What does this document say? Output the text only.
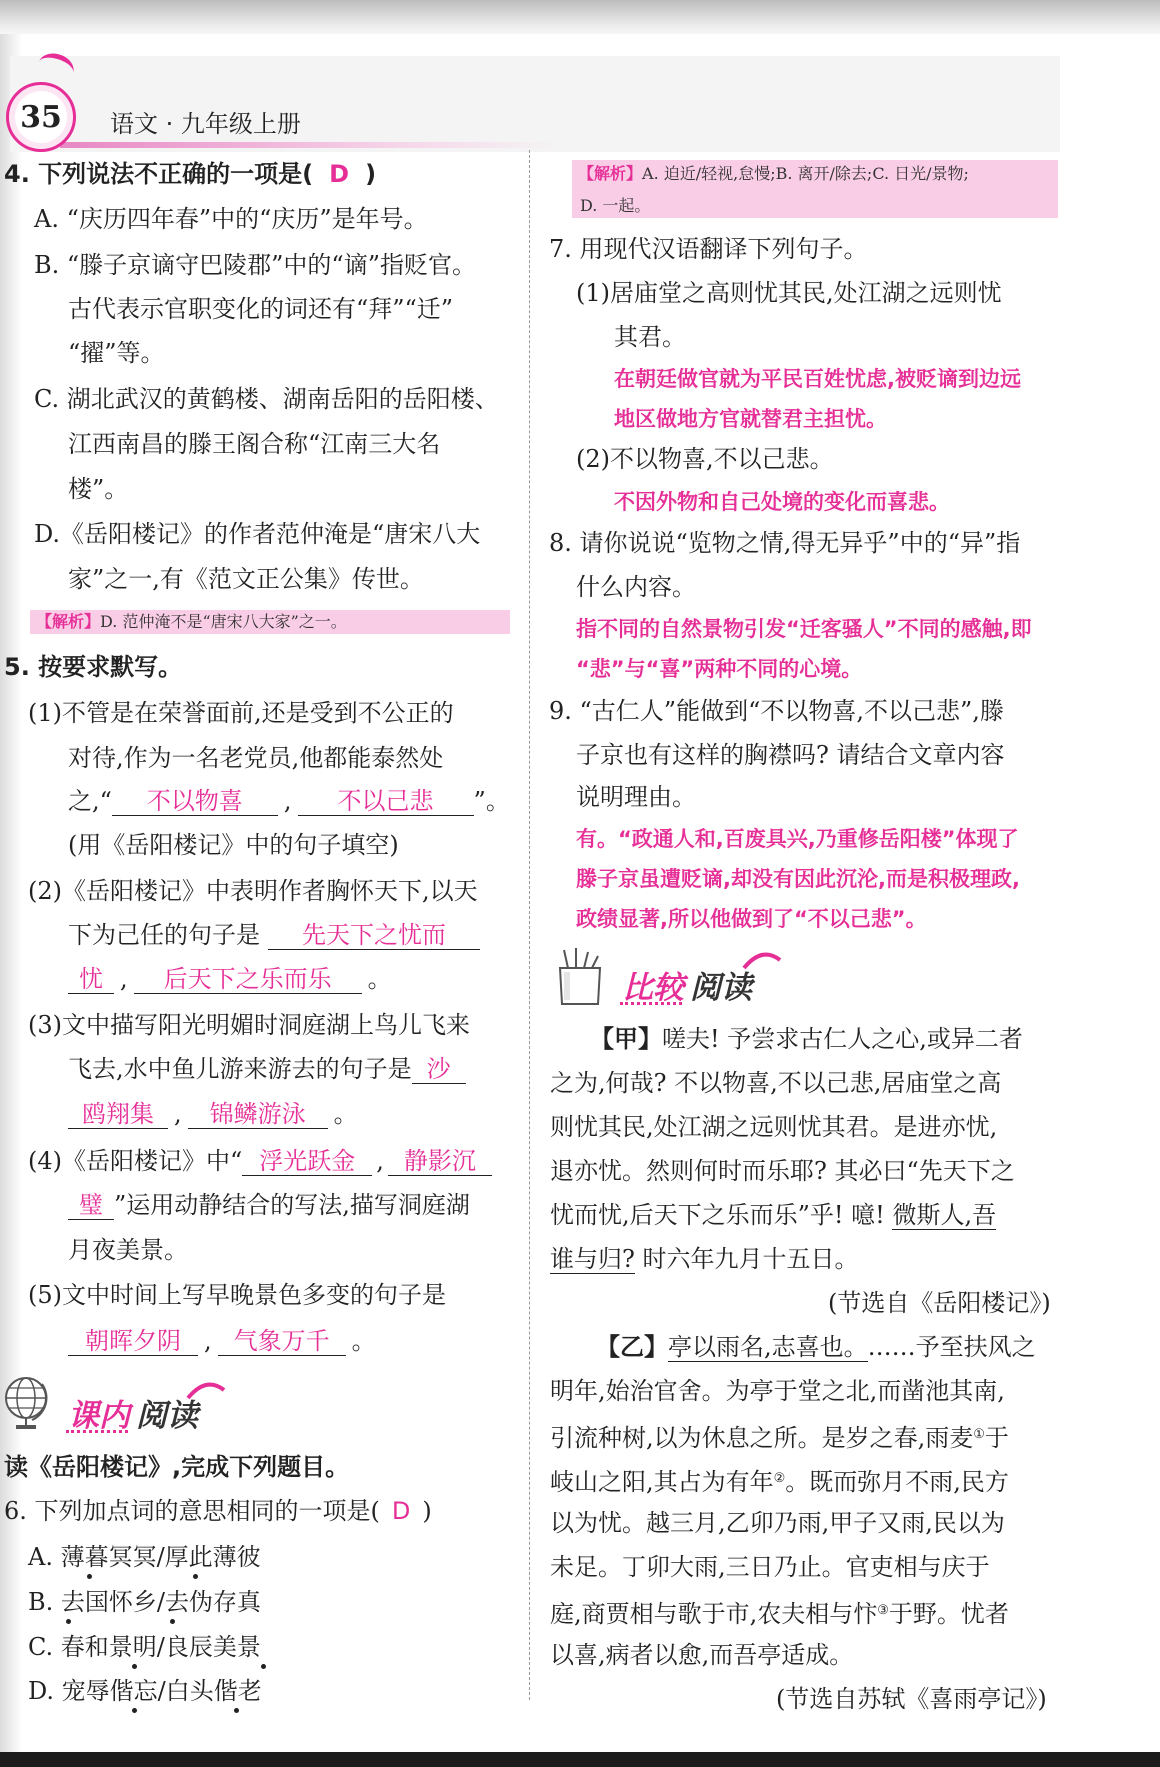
35 语文 · 九年级上册
4. 下列说法不正确的一项是( D )
A. “庆历四年春”中的“庆历”是年号。
B. “滕子京谪守巴陵郡”中的“谪”指贬官。
古代表示官职变化的词还有“拜”“迁”
“擢”等。
C. 湖北武汉的黄鹤楼、湖南岳阳的岳阳楼、
江西南昌的滕王阁合称“江南三大名
楼”。
D.《岳阳楼记》的作者范仲淹是“唐宋八大
家”之一,有《范文正公集》传世。
【解析】D. 范仲淹不是“唐宋八大家”之一。
5. 按要求默写。
(1)不管是在荣誉面前,还是受到不公正的
对待,作为一名老党员,他都能泰然处
之,“ 不以物喜 , 不以己悲 ”。
(用《岳阳楼记》中的句子填空)
(2)《岳阳楼记》中表明作者胸怀天下,以天
下为己任的句子是 先天下之忧而
忧 , 后天下之乐而乐 。
(3)文中描写阳光明媚时洞庭湖上鸟儿飞来
飞去,水中鱼儿游来游去的句子是 沙
鸥翔集 , 锦鳞游泳 。
(4)《岳阳楼记》中“ 浮光跃金 , 静影沉
璧 ”运用动静结合的写法,描写洞庭湖
月夜美景。
(5)文中时间上写早晚景色多变的句子是
朝晖夕阴 , 气象万千 。
课内 阅读
读《岳阳楼记》,完成下列题目。
6. 下列加点词的意思相同的一项是( D )
A. 薄暮冥冥/厚此薄彼
B. 去国怀乡/去伪存真
C. 春和景明/良辰美景
D. 宠辱偕忘/白头偕老
【解析】A. 迫近/轻视,怠慢;B. 离开/除去;C. 日光/景物;
D. 一起。
7. 用现代汉语翻译下列句子。
(1)居庙堂之高则忧其民,处江湖之远则忧
其君。
在朝廷做官就为平民百姓忧虑,被贬谪到边远
地区做地方官就替君主担忧。
(2)不以物喜,不以己悲。
不因外物和自己处境的变化而喜悲。
8. 请你说说“览物之情,得无异乎”中的“异”指
什么内容。
指不同的自然景物引发“迁客骚人”不同的感触,即
“悲”与“喜”两种不同的心境。
9. “古仁人”能做到“不以物喜,不以己悲”,滕
子京也有这样的胸襟吗? 请结合文章内容
说明理由。
有。“政通人和,百废具兴,乃重修岳阳楼”体现了
滕子京虽遭贬谪,却没有因此沉沦,而是积极理政,
政绩显著,所以他做到了“不以己悲”。
比较 阅读
【甲】嗟夫! 予尝求古仁人之心,或异二者
之为,何哉? 不以物喜,不以己悲,居庙堂之高
则忧其民,处江湖之远则忧其君。是进亦忧,
退亦忧。然则何时而乐耶? 其必曰“先天下之
忧而忧,后天下之乐而乐”乎! 噫! 微斯人,吾
谁与归? 时六年九月十五日。
(节选自《岳阳楼记》)
【乙】亭以雨名,志喜也。……予至扶风之
明年,始治官舍。为亭于堂之北,而凿池其南,
引流种树,以为休息之所。是岁之春,雨麦①于
岐山之阳,其占为有年②。既而弥月不雨,民方
以为忧。越三月,乙卯乃雨,甲子又雨,民以为
未足。丁卯大雨,三日乃止。官吏相与庆于
庭,商贾相与歌于市,农夫相与忭③于野。忧者
以喜,病者以愈,而吾亭适成。
(节选自苏轼《喜雨亭记》)
